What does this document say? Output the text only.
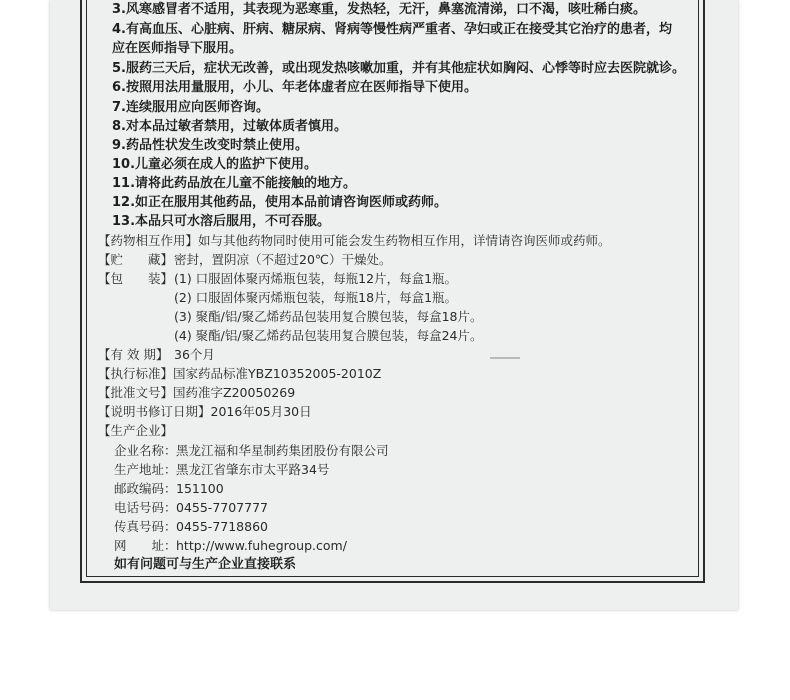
3.风寒感冒者不适用，其表现为恶寒重，发热轻，无汗，鼻塞流清涕，口不渴，咳吐稀白痰。
4.有高血压、心脏病、肝病、糖尿病、肾病等慢性病严重者、孕妇或正在接受其它治疗的患者，均
应在医师指导下服用。
5.服药三天后，症状无改善，或出现发热咳嗽加重，并有其他症状如胸闷、心悸等时应去医院就诊。
6.按照用法用量服用，小儿、年老体虚者应在医师指导下使用。
7.连续服用应向医师咨询。
8.对本品过敏者禁用，过敏体质者慎用。
9.药品性状发生改变时禁止使用。
10.儿童必须在成人的监护下使用。
11.请将此药品放在儿童不能接触的地方。
12.如正在服用其他药品，使用本品前请咨询医师或药师。
13.本品只可水溶后服用，不可吞服。
【药物相互作用】如与其他药物同时使用可能会发生药物相互作用，详情请咨询医师或药师。
【贮　　藏】密封，置阴凉（不超过20℃）干燥处。
【包　　装】(1) 口服固体聚丙烯瓶包装，每瓶12片，每盒1瓶。
(2) 口服固体聚丙烯瓶包装，每瓶18片，每盒1瓶。
(3) 聚酯/铝/聚乙烯药品包装用复合膜包装，每盒18片。
(4) 聚酯/铝/聚乙烯药品包装用复合膜包装，每盒24片。
【有 效 期】 36个月
【执行标准】国家药品标准YBZ10352005-2010Z
【批准文号】国药准字Z20050269
【说明书修订日期】2016年05月30日
【生产企业】
企业名称：黑龙江福和华星制药集团股份有限公司
生产地址：黑龙江省肇东市太平路34号
邮政编码：151100
电话号码：0455-7707777
传真号码：0455-7718860
网　　址：http://www.fuhegroup.com/
如有问题可与生产企业直接联系
